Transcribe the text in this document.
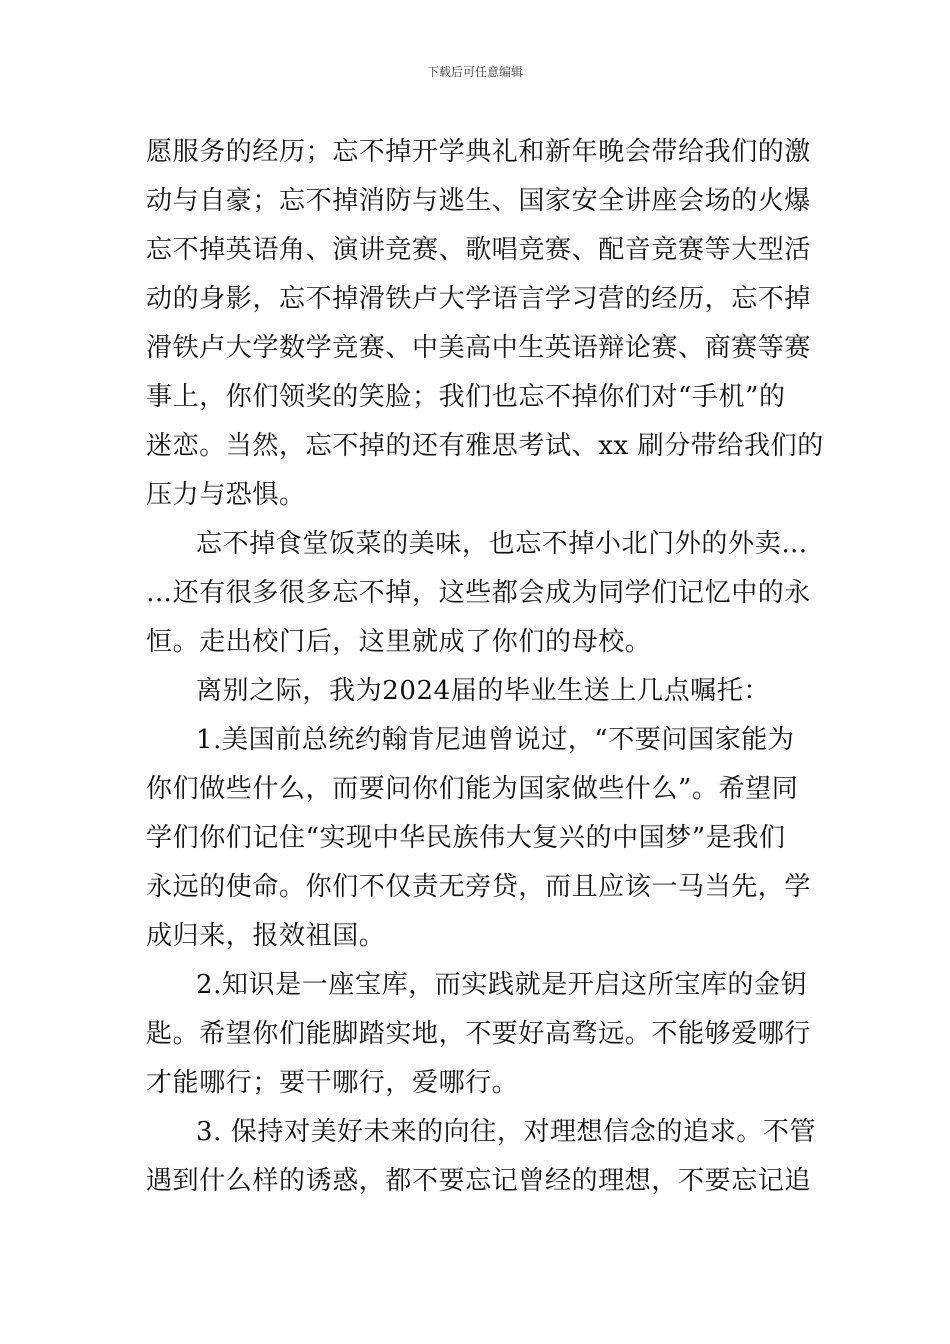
下载后可任意编辑
愿服务的经历；忘不掉开学典礼和新年晚会带给我们的激
动与自豪；忘不掉消防与逃生、国家安全讲座会场的火爆
忘不掉英语角、演讲竞赛、歌唱竞赛、配音竞赛等大型活
动的身影，忘不掉滑铁卢大学语言学习营的经历，忘不掉
滑铁卢大学数学竞赛、中美高中生英语辩论赛、商赛等赛
事上，你们领奖的笑脸；我们也忘不掉你们对“手机”的
迷恋。当然，忘不掉的还有雅思考试、xx 刷分带给我们的
压力与恐惧。
忘不掉食堂饭菜的美味，也忘不掉小北门外的外卖…
…还有很多很多忘不掉，这些都会成为同学们记忆中的永
恒。走出校门后，这里就成了你们的母校。
离别之际，我为2024届的毕业生送上几点嘱托：
1.美国前总统约翰肯尼迪曾说过，“不要问国家能为
你们做些什么，而要问你们能为国家做些什么”。希望同
学们你们记住“实现中华民族伟大复兴的中国梦”是我们
永远的使命。你们不仅责无旁贷，而且应该一马当先，学
成归来，报效祖国。
2.知识是一座宝库，而实践就是开启这所宝库的金钥
匙。希望你们能脚踏实地，不要好高骛远。不能够爱哪行
才能哪行；要干哪行，爱哪行。
3. 保持对美好未来的向往，对理想信念的追求。不管
遇到什么样的诱惑，都不要忘记曾经的理想，不要忘记追
